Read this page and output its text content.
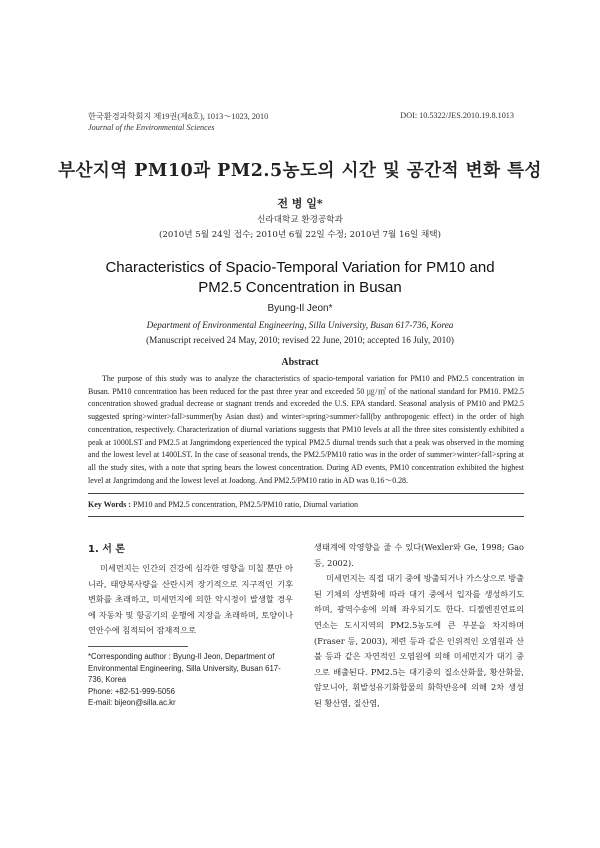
한국환경과학회지 제19권(제8호), 1013～1023, 2010
Journal of the Environmental Sciences
DOI: 10.5322/JES.2010.19.8.1013
부산지역 PM10과 PM2.5농도의 시간 및 공간적 변화 특성
전 병 일*
신라대학교 환경공학과
(2010년 5월 24일 접수; 2010년 6월 22일 수정; 2010년 7월 16일 채택)
Characteristics of Spacio-Temporal Variation for PM10 and
PM2.5 Concentration in Busan
Byung-Il Jeon*
Department of Environmental Engineering, Silla University, Busan 617-736, Korea
(Manuscript received 24 May, 2010; revised 22 June, 2010; accepted 16 July, 2010)
Abstract

The purpose of this study was to analyze the characteristics of spacio-temporal variation for PM10 and PM2.5 concentration in Busan. PM10 concentration has been reduced for the past three year and exceeded 50 ㎍/㎥ of the national standard for PM10. PM2.5 concentration showed gradual decrease or stagnant trends and exceeded the U.S. EPA standard. Seasonal analysis of PM10 and PM2.5 suggested spring>winter>fall>summer(by Asian dust) and winter>spring>summer>fall(by anthropogenic effect) in the order of high concentration, respectively. Characterization of diurnal variations suggests that PM10 levels at all the three sites consistently exhibited a peak at 1000LST and PM2.5 at Jangrimdong experienced the typical PM2.5 diurnal trends such that a peak was observed in the morning and the lowest level at 1400LST. In the case of seasonal trends, the PM2.5/PM10 ratio was in the order of summer>winter>fall>spring at all the study sites, with a note that spring bears the lowest concentration. During AD events, PM10 concentration exhibited the highest level at Jangrimdong and the lowest level at Joadong. And PM2.5/PM10 ratio in AD was 0.16～0.28.

Key Words : PM10 and PM2.5 concentration, PM2.5/PM10 ratio, Diurnal variation
1. 서 론

미세먼지는 인간의 건강에 심각한 영향을 미칠 뿐만 아니라, 태양복사량을 산란시켜 장기적으로 지구적인 기후변화를 초래하고, 미세먼지에 의한 악시정이 발생할 경우에 자동차 및 항공기의 운행에 지장을 초래하며, 토양이나 연안수에 침적되어 잠재적으로

*Corresponding author : Byung-Il Jeon, Department of Environmental Engineering, Silla University, Busan 617-736, Korea
Phone: +82-51-999-5056
E-mail: bijeon@silla.ac.kr
생태계에 악영향을 줄 수 있다(Wexler와 Ge, 1998; Gao 등, 2002).

미세먼지는 직접 대기 중에 방출되거나 가스상으로 방출된 기체의 상변화에 따라 대기 중에서 입자를 생성하기도 하며, 광역수송에 의해 좌우되기도 한다. 디젤엔진연료의 연소는 도시지역의 PM2.5농도에 큰 부분을 차지하며(Fraser 등, 2003), 제련 등과 같은 인위적인 오염원과 산불 등과 같은 자연적인 오염원에 의해 미세먼지가 대기 중으로 배출된다. PM2.5는 대기중의 질소산화물, 황산화물, 암모니아, 휘발성유기화합물의 화학반응에 의해 2차 생성된 황산염, 질산염,
